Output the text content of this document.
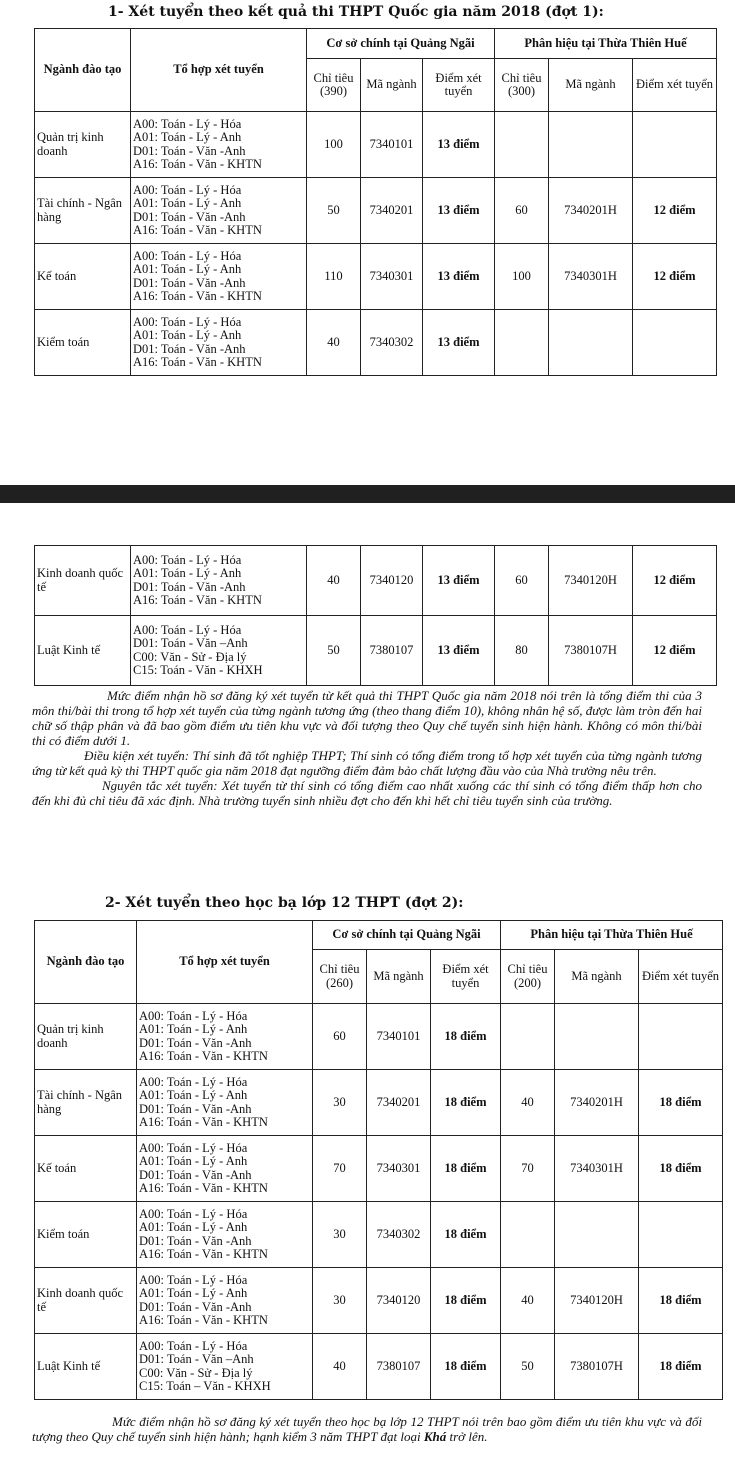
1- Xét tuyển theo kết quả thi THPT Quốc gia năm 2018 (đợt 1):
Ngành đào tạo	Tổ hợp xét tuyển	Cơ sở chính tại Quảng Ngãi			Phân hiệu tại Thừa Thiên Huế		
		Chỉ tiêu (390)	Mã ngành	Điểm xét tuyển	Chỉ tiêu (300)	Mã ngành	Điểm xét tuyển
Quản trị kinh doanh	A00: Toán - Lý - Hóa
A01: Toán - Lý - Anh
D01: Toán - Văn -Anh
A16: Toán - Văn - KHTN	100	7340101	13 điểm			
Tài chính - Ngân hàng	A00: Toán - Lý - Hóa
A01: Toán - Lý - Anh
D01: Toán - Văn -Anh
A16: Toán - Văn - KHTN	50	7340201	13 điểm	60	7340201H	12 điểm
Kế toán	A00: Toán - Lý - Hóa
A01: Toán - Lý - Anh
D01: Toán - Văn -Anh
A16: Toán - Văn - KHTN	110	7340301	13 điểm	100	7340301H	12 điểm
Kiểm toán	A00: Toán - Lý - Hóa
A01: Toán - Lý - Anh
D01: Toán - Văn -Anh
A16: Toán - Văn - KHTN	40	7340302	13 điểm			
Kinh doanh quốc tế	A00: Toán - Lý - Hóa
A01: Toán - Lý - Anh
D01: Toán - Văn -Anh
A16: Toán - Văn - KHTN	40	7340120	13 điểm	60	7340120H	12 điểm
Luật Kinh tế	A00: Toán - Lý - Hóa
D01: Toán - Văn –Anh
C00: Văn - Sử - Địa lý
C15: Toán - Văn - KHXH	50	7380107	13 điểm	80	7380107H	12 điểm

Mức điểm nhận hồ sơ đăng ký xét tuyển từ kết quả thi THPT Quốc gia năm 2018 nói trên là tổng điểm thi của 3 môn thi/bài thi trong tổ hợp xét tuyển của từng ngành tương ứng (theo thang điểm 10), không nhân hệ số, được làm tròn đến hai chữ số thập phân và đã bao gồm điểm ưu tiên khu vực và đối tượng theo Quy chế tuyển sinh hiện hành. Không có môn thi/bài thi có điểm dưới 1.

Điều kiện xét tuyển: Thí sinh đã tốt nghiệp THPT; Thí sinh có tổng điểm trong tổ hợp xét tuyển của từng ngành tương ứng từ kết quả kỳ thi THPT quốc gia năm 2018 đạt ngưỡng điểm đảm bảo chất lượng đầu vào của Nhà trường nêu trên.

Nguyên tắc xét tuyển: Xét tuyển từ thí sinh có tổng điểm cao nhất xuống các thí sinh có tổng điểm thấp hơn cho đến khi đủ chỉ tiêu đã xác định. Nhà trường tuyển sinh nhiều đợt cho đến khi hết chỉ tiêu tuyển sinh của trường.

2- Xét tuyển theo học bạ lớp 12 THPT (đợt 2):
Ngành đào tạo	Tổ hợp xét tuyển	Cơ sở chính tại Quảng Ngãi			Phân hiệu tại Thừa Thiên Huế		
		Chỉ tiêu (260)	Mã ngành	Điểm xét tuyển	Chỉ tiêu (200)	Mã ngành	Điểm xét tuyển
Quản trị kinh doanh	A00: Toán - Lý - Hóa
A01: Toán - Lý - Anh
D01: Toán - Văn -Anh
A16: Toán - Văn - KHTN	60	7340101	18 điểm			
Tài chính - Ngân hàng	A00: Toán - Lý - Hóa
A01: Toán - Lý - Anh
D01: Toán - Văn -Anh
A16: Toán - Văn - KHTN	30	7340201	18 điểm	40	7340201H	18 điểm
Kế toán	A00: Toán - Lý - Hóa
A01: Toán - Lý - Anh
D01: Toán - Văn -Anh
A16: Toán - Văn - KHTN	70	7340301	18 điểm	70	7340301H	18 điểm
Kiểm toán	A00: Toán - Lý - Hóa
A01: Toán - Lý - Anh
D01: Toán - Văn -Anh
A16: Toán - Văn - KHTN	30	7340302	18 điểm			
Kinh doanh quốc tế	A00: Toán - Lý - Hóa
A01: Toán - Lý - Anh
D01: Toán - Văn -Anh
A16: Toán - Văn - KHTN	30	7340120	18 điểm	40	7340120H	18 điểm
Luật Kinh tế	A00: Toán - Lý - Hóa
D01: Toán - Văn –Anh
C00: Văn - Sử - Địa lý
C15: Toán – Văn - KHXH	40	7380107	18 điểm	50	7380107H	18 điểm

Mức điểm nhận hồ sơ đăng ký xét tuyển theo học bạ lớp 12 THPT nói trên bao gồm điểm ưu tiên khu vực và đối tượng theo Quy chế tuyển sinh hiện hành; hạnh kiểm 3 năm THPT đạt loại Khá trở lên.
